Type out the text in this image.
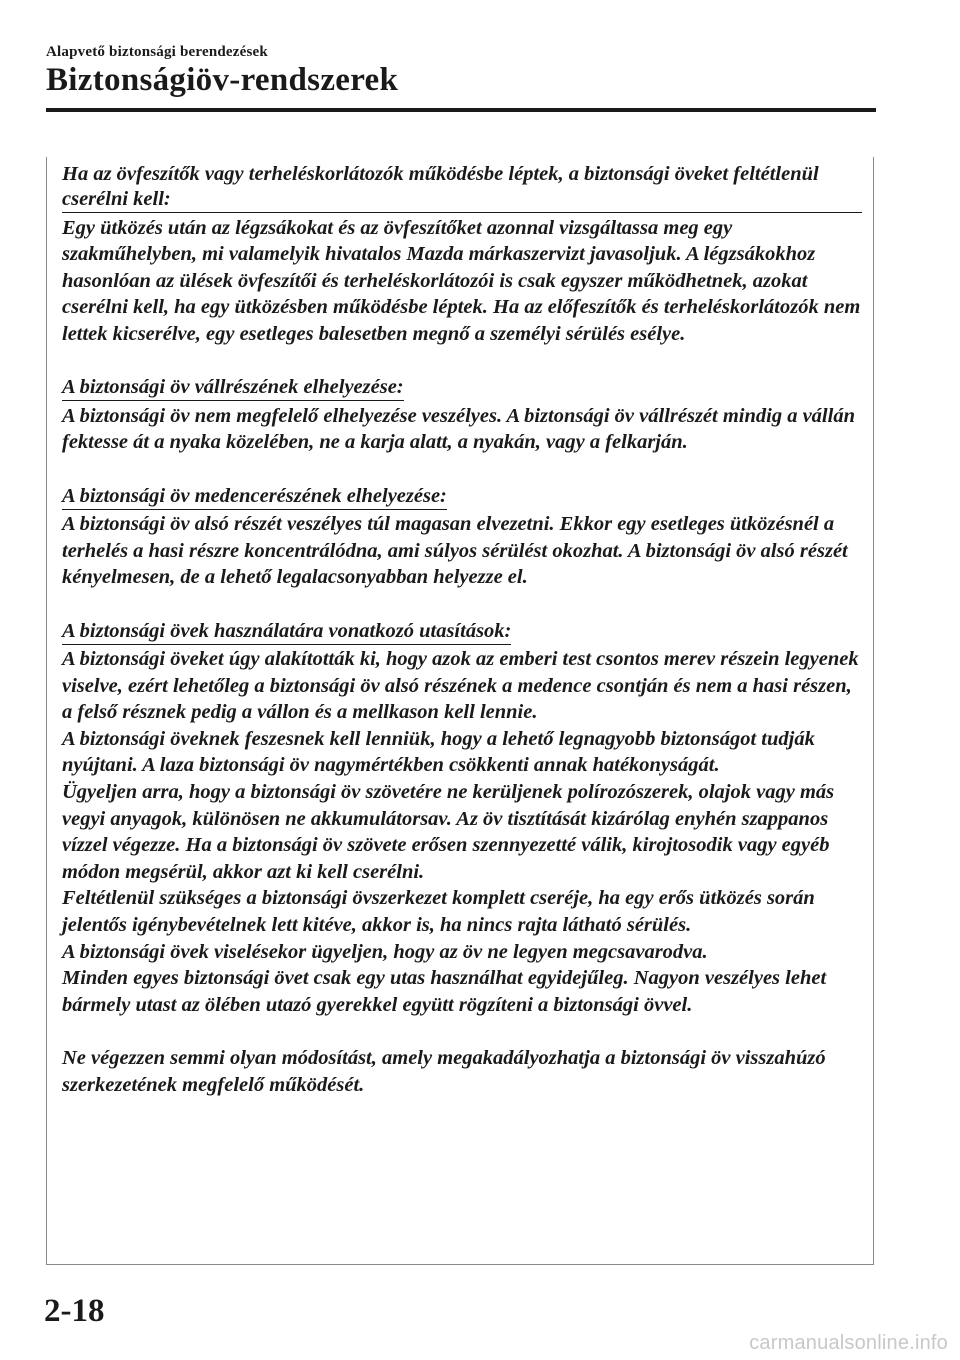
Alapvető biztonsági berendezések
Biztonságiöv-rendszerek
Ha az övfeszítők vagy terheléskorlátozók működésbe léptek, a biztonsági öveket feltétlenül cserélni kell:

Egy ütközés után az légzsákokat és az övfeszítőket azonnal vizsgáltassa meg egy szakműhelyben, mi valamelyik hivatalos Mazda márkaszervizt javasoljuk. A légzsákokhoz hasonlóan az ülések övfeszítői és terheléskorlátozói is csak egyszer működhetnek, azokat cserélni kell, ha egy ütközésben működésbe léptek. Ha az előfeszítők és terheléskorlátozók nem lettek kicserélve, egy esetleges balesetben megnő a személyi sérülés esélye.

A biztonsági öv vállrészének elhelyezése:

A biztonsági öv nem megfelelő elhelyezése veszélyes. A biztonsági öv vállrészét mindig a vállán fektesse át a nyaka közelében, ne a karja alatt, a nyakán, vagy a felkarján.

A biztonsági öv medencerészének elhelyezése:

A biztonsági öv alsó részét veszélyes túl magasan elvezetni. Ekkor egy esetleges ütközésnél a terhelés a hasi részre koncentrálódna, ami súlyos sérülést okozhat. A biztonsági öv alsó részét kényelmesen, de a lehető legalacsonyabban helyezze el.

A biztonsági övek használatára vonatkozó utasítások:

A biztonsági öveket úgy alakították ki, hogy azok az emberi test csontos merev részein legyenek viselve, ezért lehetőleg a biztonsági öv alsó részének a medence csontján és nem a hasi részen, a felső résznek pedig a vállon és a mellkason kell lennie.

A biztonsági öveknek feszesnek kell lenniük, hogy a lehető legnagyobb biztonságot tudják nyújtani. A laza biztonsági öv nagymértékben csökkenti annak hatékonyságát.

Ügyeljen arra, hogy a biztonsági öv szövetére ne kerüljenek polírozószerek, olajok vagy más vegyi anyagok, különösen ne akkumulátorsav. Az öv tisztítását kizárólag enyhén szappanos vízzel végezze. Ha a biztonsági öv szövete erősen szennyezetté válik, kirojtosodik vagy egyéb módon megsérül, akkor azt ki kell cserélni.

Feltétlenül szükséges a biztonsági övszerkezet komplett cseréje, ha egy erős ütközés során jelentős igénybevételnek lett kitéve, akkor is, ha nincs rajta látható sérülés.

A biztonsági övek viselésekor ügyeljen, hogy az öv ne legyen megcsavarodva.

Minden egyes biztonsági övet csak egy utas használhat egyidejűleg. Nagyon veszélyes lehet bármely utast az ölében utazó gyerekkel együtt rögzíteni a biztonsági övvel.

Ne végezzen semmi olyan módosítást, amely megakadályozhatja a biztonsági öv visszahúzó szerkezetének megfelelő működését.

2-18
carmanualsonline.info
